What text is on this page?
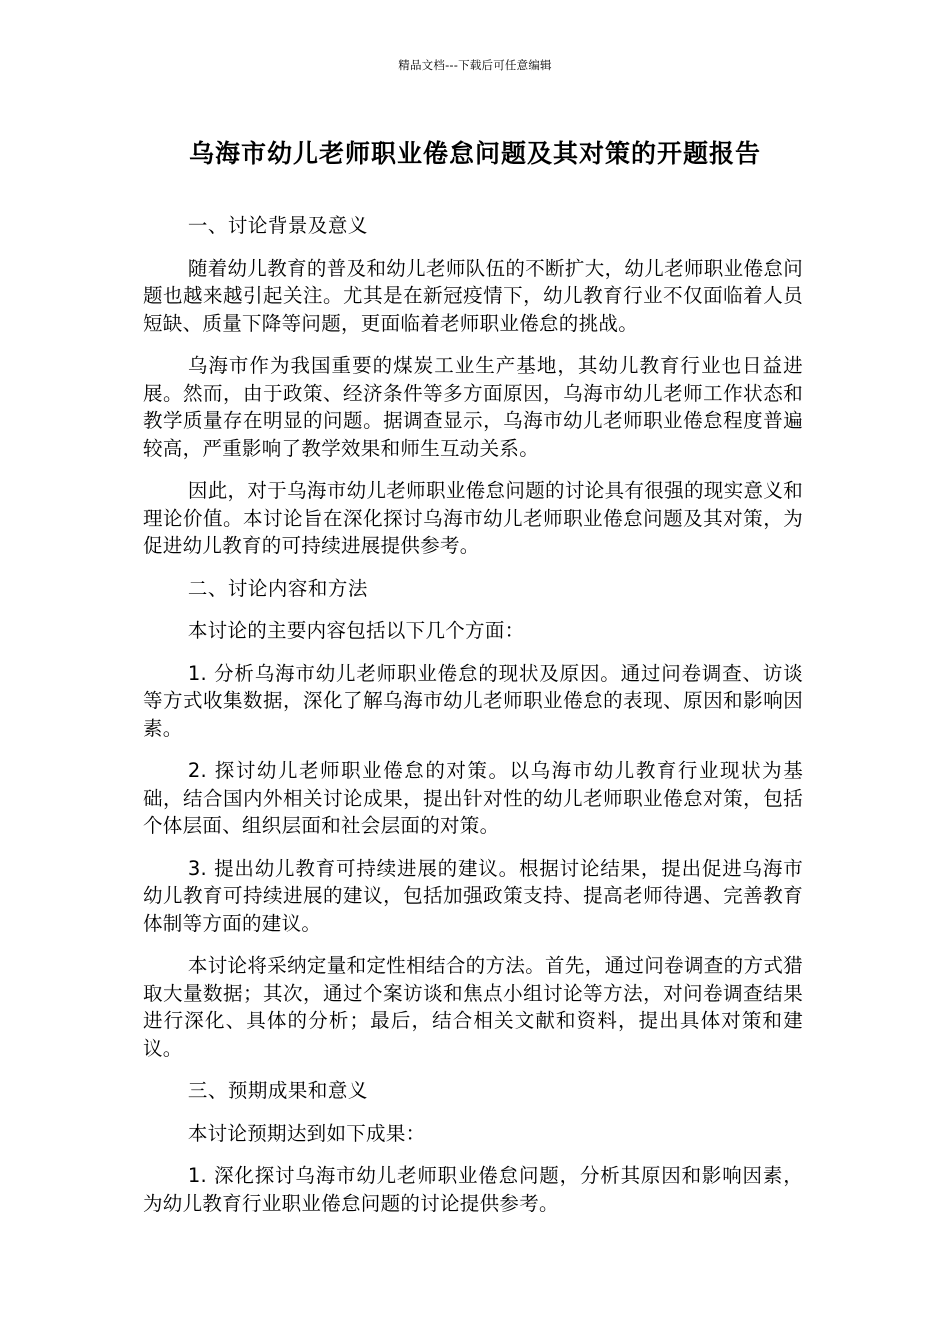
精品文档---下载后可任意编辑
乌海市幼儿老师职业倦怠问题及其对策的开题报告

一、讨论背景及意义

随着幼儿教育的普及和幼儿老师队伍的不断扩大，幼儿老师职业倦怠问题也越来越引起关注。尤其是在新冠疫情下，幼儿教育行业不仅面临着人员短缺、质量下降等问题，更面临着老师职业倦怠的挑战。

乌海市作为我国重要的煤炭工业生产基地，其幼儿教育行业也日益进展。然而，由于政策、经济条件等多方面原因，乌海市幼儿老师工作状态和教学质量存在明显的问题。据调查显示，乌海市幼儿老师职业倦怠程度普遍较高，严重影响了教学效果和师生互动关系。

因此，对于乌海市幼儿老师职业倦怠问题的讨论具有很强的现实意义和理论价值。本讨论旨在深化探讨乌海市幼儿老师职业倦怠问题及其对策，为促进幼儿教育的可持续进展提供参考。

二、讨论内容和方法

本讨论的主要内容包括以下几个方面：

1. 分析乌海市幼儿老师职业倦怠的现状及原因。通过问卷调查、访谈等方式收集数据，深化了解乌海市幼儿老师职业倦怠的表现、原因和影响因素。

2. 探讨幼儿老师职业倦怠的对策。以乌海市幼儿教育行业现状为基础，结合国内外相关讨论成果，提出针对性的幼儿老师职业倦怠对策，包括个体层面、组织层面和社会层面的对策。

3. 提出幼儿教育可持续进展的建议。根据讨论结果，提出促进乌海市幼儿教育可持续进展的建议，包括加强政策支持、提高老师待遇、完善教育体制等方面的建议。

本讨论将采纳定量和定性相结合的方法。首先，通过问卷调查的方式猎取大量数据；其次，通过个案访谈和焦点小组讨论等方法，对问卷调查结果进行深化、具体的分析；最后，结合相关文献和资料，提出具体对策和建议。

三、预期成果和意义

本讨论预期达到如下成果：

1. 深化探讨乌海市幼儿老师职业倦怠问题，分析其原因和影响因素，为幼儿教育行业职业倦怠问题的讨论提供参考。
